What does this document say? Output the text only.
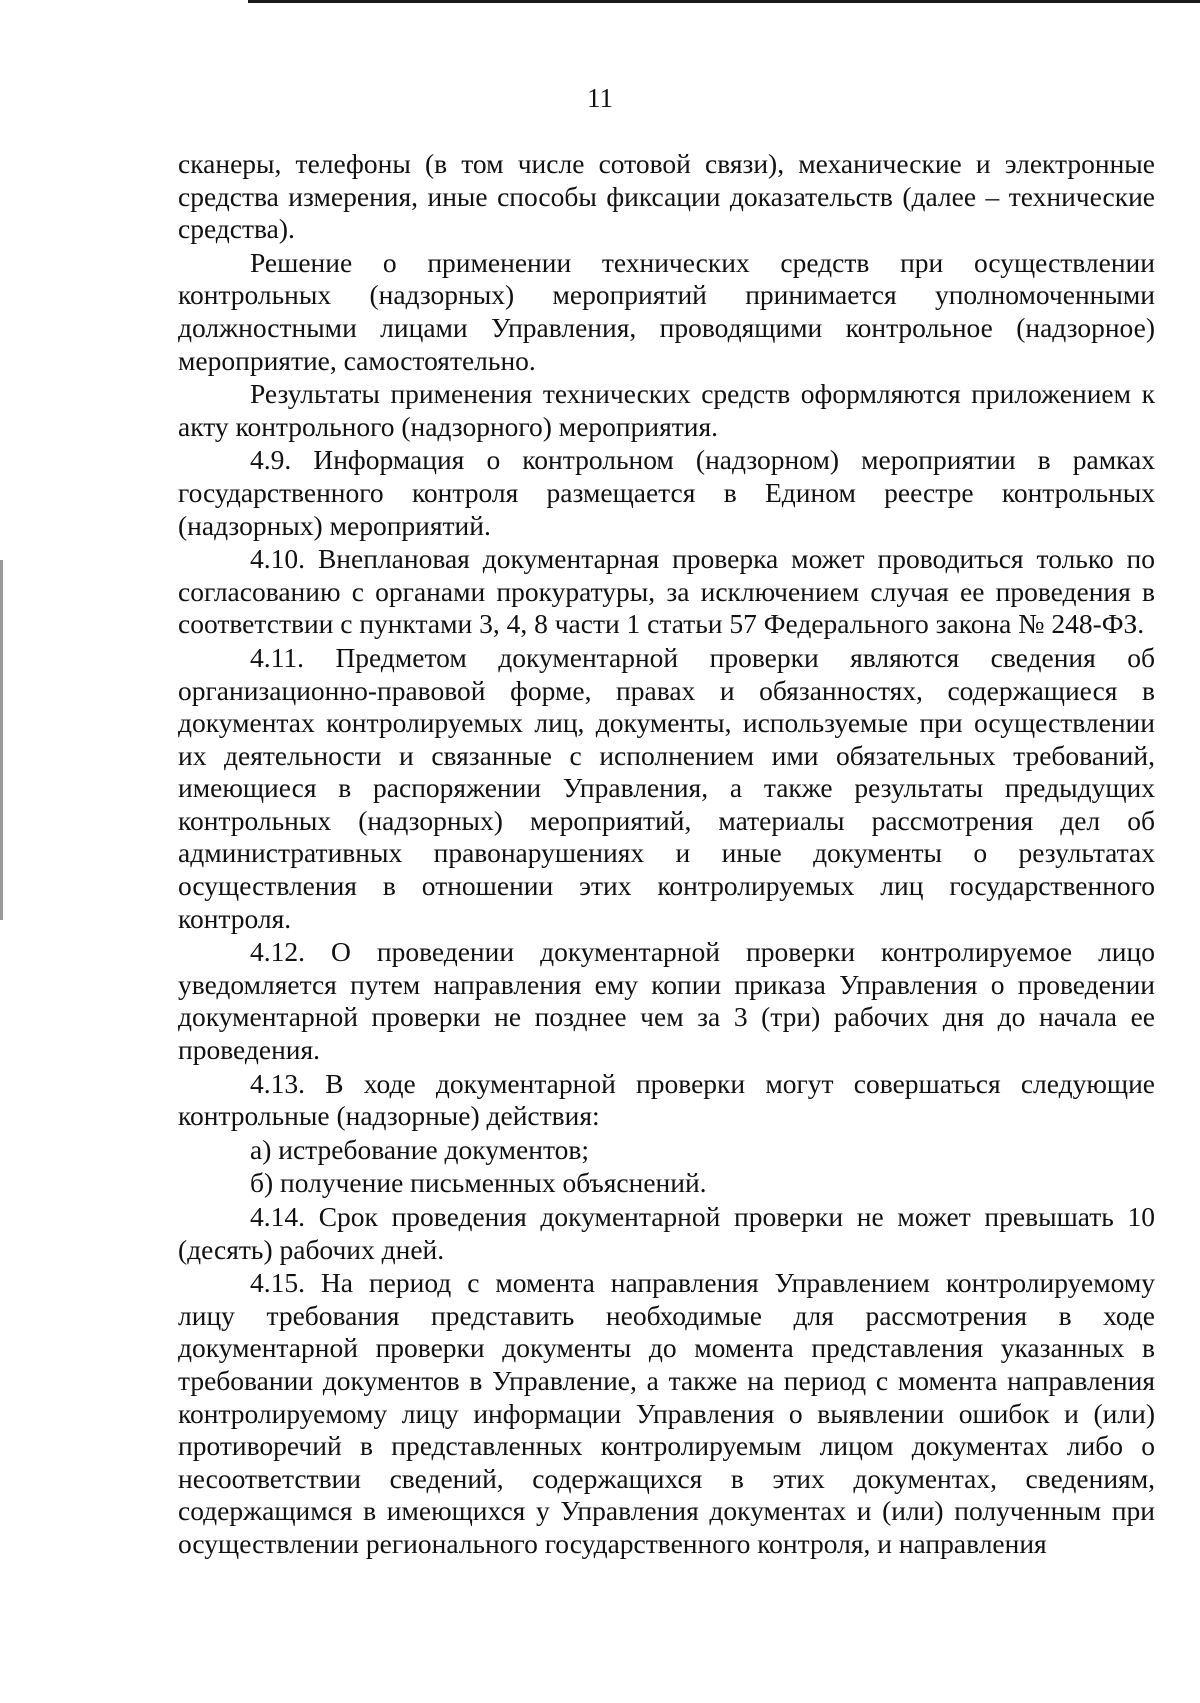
11

сканеры, телефоны (в том числе сотовой связи), механические и электронные средства измерения, иные способы фиксации доказательств (далее – технические средства).

Решение о применении технических средств при осуществлении контрольных (надзорных) мероприятий принимается уполномоченными должностными лицами Управления, проводящими контрольное (надзорное) мероприятие, самостоятельно.

Результаты применения технических средств оформляются приложением к акту контрольного (надзорного) мероприятия.

4.9. Информация о контрольном (надзорном) мероприятии в рамках государственного контроля размещается в Едином реестре контрольных (надзорных) мероприятий.

4.10. Внеплановая документарная проверка может проводиться только по согласованию с органами прокуратуры, за исключением случая ее проведения в соответствии с пунктами 3, 4, 8 части 1 статьи 57 Федерального закона № 248-ФЗ.

4.11. Предметом документарной проверки являются сведения об организационно-правовой форме, правах и обязанностях, содержащиеся в документах контролируемых лиц, документы, используемые при осуществлении их деятельности и связанные с исполнением ими обязательных требований, имеющиеся в распоряжении Управления, а также результаты предыдущих контрольных (надзорных) мероприятий, материалы рассмотрения дел об административных правонарушениях и иные документы о результатах осуществления в отношении этих контролируемых лиц государственного контроля.

4.12. О проведении документарной проверки контролируемое лицо уведомляется путем направления ему копии приказа Управления о проведении документарной проверки не позднее чем за 3 (три) рабочих дня до начала ее проведения.

4.13. В ходе документарной проверки могут совершаться следующие контрольные (надзорные) действия:

а) истребование документов;

б) получение письменных объяснений.

4.14. Срок проведения документарной проверки не может превышать 10 (десять) рабочих дней.

4.15. На период с момента направления Управлением контролируемому лицу требования представить необходимые для рассмотрения в ходе документарной проверки документы до момента представления указанных в требовании документов в Управление, а также на период с момента направления контролируемому лицу информации Управления о выявлении ошибок и (или) противоречий в представленных контролируемым лицом документах либо о несоответствии сведений, содержащихся в этих документах, сведениям, содержащимся в имеющихся у Управления документах и (или) полученным при осуществлении регионального государственного контроля, и направления
